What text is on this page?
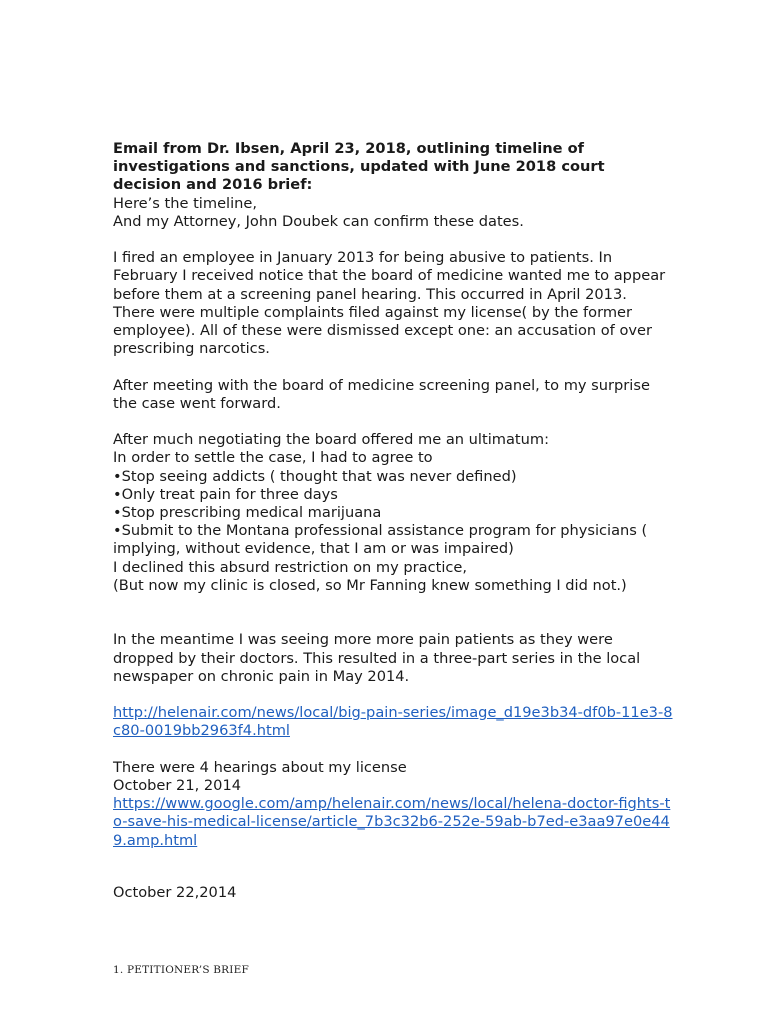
Email from Dr. Ibsen, April 23, 2018, outlining timeline of investigations and sanctions, updated with June 2018 court decision and 2016 brief:

Here’s the timeline,

And my Attorney, John Doubek can confirm these dates.

I fired an employee in January 2013 for being abusive to patients. In February I received notice that the board of medicine wanted me to appear before them at a screening panel hearing. This occurred in April 2013. There were multiple complaints filed against my license( by the former employee). All of these were dismissed except one: an accusation of over prescribing narcotics.

After meeting with the board of medicine screening panel, to my surprise the case went forward.

After much negotiating the board offered me an ultimatum:

In order to settle the case, I had to agree to

•Stop seeing addicts ( thought that was never defined)

•Only treat pain for three days

•Stop prescribing medical marijuana

•Submit to the Montana professional assistance program for physicians ( implying, without evidence, that I am or was impaired)

I declined this absurd restriction on my practice,

(But now my clinic is closed, so Mr Fanning knew something I did not.)

In the meantime I was seeing more more pain patients as they were dropped by their doctors. This resulted in a three-part series in the local newspaper on chronic pain in May 2014.

http://helenair.com/news/local/big-pain-series/image_d19e3b34-df0b-11e3-8c80-0019bb2963f4.html

There were 4 hearings about my license

October 21, 2014

https://www.google.com/amp/helenair.com/news/local/helena-doctor-fights-to-save-his-medical-license/article_7b3c32b6-252e-59ab-b7ed-e3aa97e0e449.amp.html

October 22,2014

1. PETITIONER’S BRIEF
